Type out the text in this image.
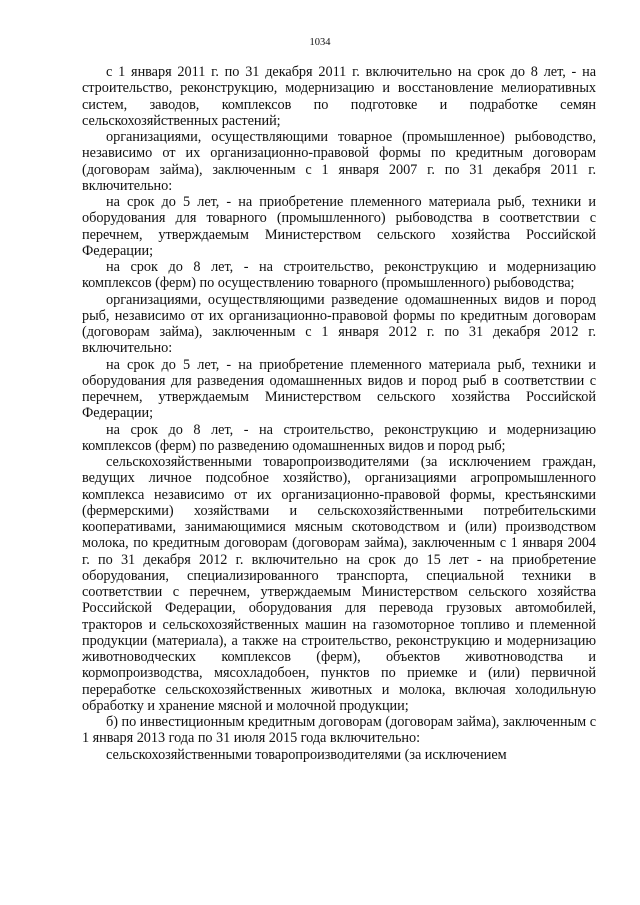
1034

с 1 января 2011 г. по 31 декабря 2011 г. включительно на срок до 8 лет, - на строительство, реконструкцию, модернизацию и восстановление мелиоративных систем, заводов, комплексов по подготовке и подработке семян сельскохозяйственных растений;

организациями, осуществляющими товарное (промышленное) рыбоводство, независимо от их организационно-правовой формы по кредитным договорам (договорам займа), заключенным с 1 января 2007 г. по 31 декабря 2011 г. включительно:

на срок до 5 лет, - на приобретение племенного материала рыб, техники и оборудования для товарного (промышленного) рыбоводства в соответствии с перечнем, утверждаемым Министерством сельского хозяйства Российской Федерации;

на срок до 8 лет, - на строительство, реконструкцию и модернизацию комплексов (ферм) по осуществлению товарного (промышленного) рыбоводства;

организациями, осуществляющими разведение одомашненных видов и пород рыб, независимо от их организационно-правовой формы по кредитным договорам (договорам займа), заключенным с 1 января 2012 г. по 31 декабря 2012 г. включительно:

на срок до 5 лет, - на приобретение племенного материала рыб, техники и оборудования для разведения одомашненных видов и пород рыб в соответствии с перечнем, утверждаемым Министерством сельского хозяйства Российской Федерации;

на срок до 8 лет, - на строительство, реконструкцию и модернизацию комплексов (ферм) по разведению одомашненных видов и пород рыб;

сельскохозяйственными товаропроизводителями (за исключением граждан, ведущих личное подсобное хозяйство), организациями агропромышленного комплекса независимо от их организационно-правовой формы, крестьянскими (фермерскими) хозяйствами и сельскохозяйственными потребительскими кооперативами, занимающимися мясным скотоводством и (или) производством молока, по кредитным договорам (договорам займа), заключенным с 1 января 2004 г. по 31 декабря 2012 г. включительно на срок до 15 лет - на приобретение оборудования, специализированного транспорта, специальной техники в соответствии с перечнем, утверждаемым Министерством сельского хозяйства Российской Федерации, оборудования для перевода грузовых автомобилей, тракторов и сельскохозяйственных машин на газомоторное топливо и племенной продукции (материала), а также на строительство, реконструкцию и модернизацию животноводческих комплексов (ферм), объектов животноводства и кормопроизводства, мясохладобоен, пунктов по приемке и (или) первичной переработке сельскохозяйственных животных и молока, включая холодильную обработку и хранение мясной и молочной продукции;

б) по инвестиционным кредитным договорам (договорам займа), заключенным с 1 января 2013 года по 31 июля 2015 года включительно:

сельскохозяйственными товаропроизводителями (за исключением
